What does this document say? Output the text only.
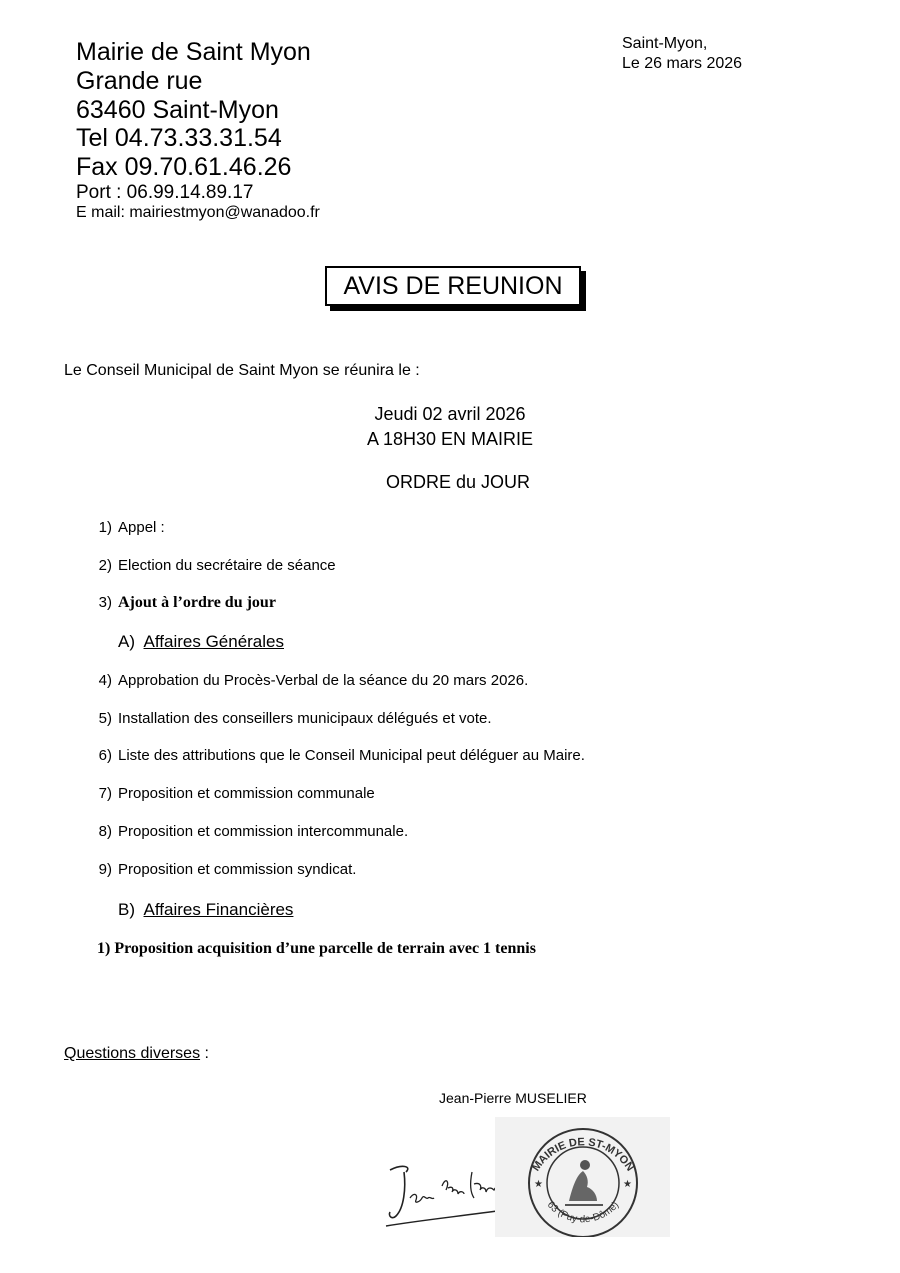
Mairie de Saint Myon
Grande rue
63460 Saint-Myon
Tel 04.73.33.31.54
Fax 09.70.61.46.26
Port : 06.99.14.89.17
E mail: mairiestmyon@wanadoo.fr
Saint-Myon,
Le 26 mars 2026
AVIS DE REUNION
Le Conseil Municipal de Saint Myon se réunira le :
Jeudi 02 avril 2026
A 18H30 EN MAIRIE
ORDRE du JOUR
1) Appel :
2) Election du secrétaire de séance
3) Ajout à l’ordre du jour
A) Affaires Générales
4) Approbation du Procès-Verbal de la séance du 20 mars 2026.
5) Installation des conseillers municipaux délégués et vote.
6) Liste des attributions que le Conseil Municipal peut déléguer au Maire.
7) Proposition et commission communale
8) Proposition et commission intercommunale.
9) Proposition et commission syndicat.
B) Affaires Financières
1) Proposition acquisition d’une parcelle de terrain avec 1 tennis
Questions diverses :
Jean-Pierre MUSELIER
MAIRIE DE ST-MYON
63 (Puy-de-Dôme)
★	★
